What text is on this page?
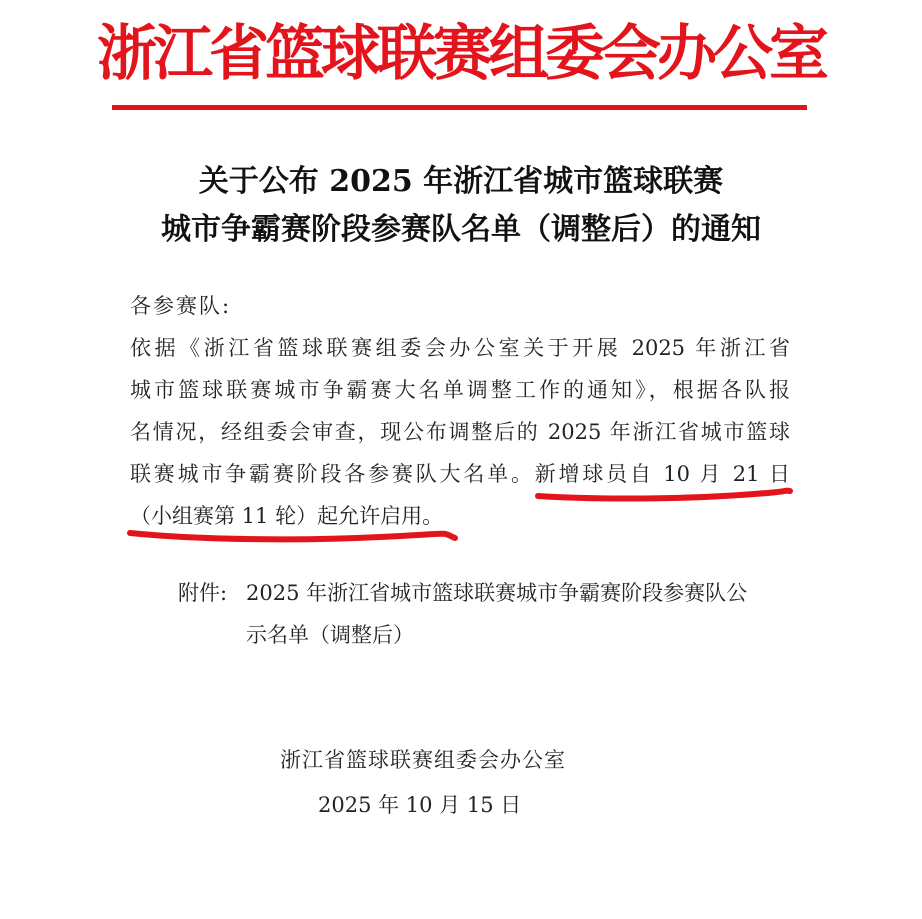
浙江省篮球联赛组委会办公室
关于公布 2025 年浙江省城市篮球联赛
城市争霸赛阶段参赛队名单（调整后）的通知
各参赛队:
依据《浙江省篮球联赛组委会办公室关于开展 2025 年浙江省
城市篮球联赛城市争霸赛大名单调整工作的通知》，根据各队报
名情况，经组委会审查，现公布调整后的 2025 年浙江省城市篮球
联赛城市争霸赛阶段各参赛队大名单。新增球员自 10 月 21 日
（小组赛第 11 轮）起允许启用。
附件: 2025 年浙江省城市篮球联赛城市争霸赛阶段参赛队公
示名单（调整后）
浙江省篮球联赛组委会办公室
2025 年 10 月 15 日
